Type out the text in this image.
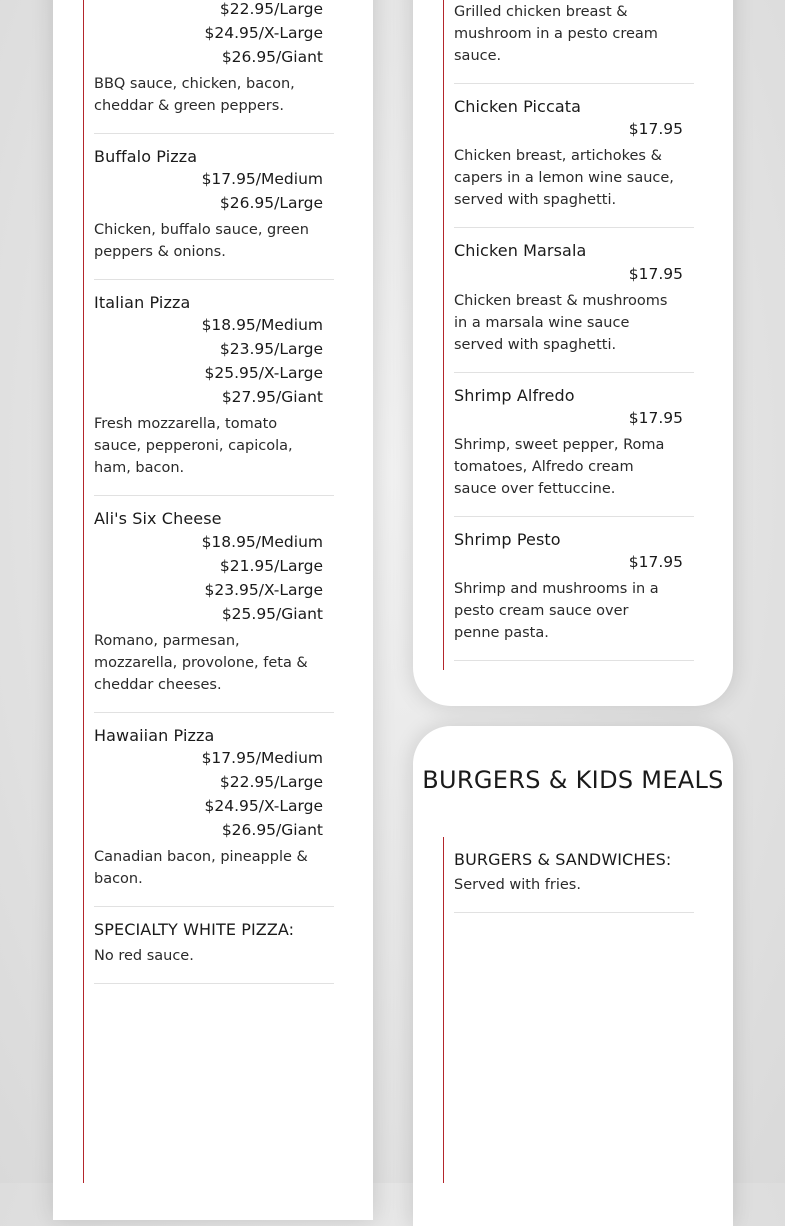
$22.95/Large
$24.95/X-Large
$26.95/Giant
BBQ sauce, chicken, bacon, cheddar & green peppers.
Buffalo Pizza
$17.95/Medium
$26.95/Large
Chicken, buffalo sauce, green peppers & onions.
Italian Pizza
$18.95/Medium
$23.95/Large
$25.95/X-Large
$27.95/Giant
Fresh mozzarella, tomato sauce, pepperoni, capicola, ham, bacon.
Ali's Six Cheese
$18.95/Medium
$21.95/Large
$23.95/X-Large
$25.95/Giant
Romano, parmesan, mozzarella, provolone, feta & cheddar cheeses.
Hawaiian Pizza
$17.95/Medium
$22.95/Large
$24.95/X-Large
$26.95/Giant
Canadian bacon, pineapple & bacon.
SPECIALTY WHITE PIZZA:
No red sauce.
Grilled chicken breast & mushroom in a pesto cream sauce.
Chicken Piccata
$17.95
Chicken breast, artichokes & capers in a lemon wine sauce, served with spaghetti.
Chicken Marsala
$17.95
Chicken breast & mushrooms in a marsala wine sauce served with spaghetti.
Shrimp Alfredo
$17.95
Shrimp, sweet pepper, Roma tomatoes, Alfredo cream sauce over fettuccine.
Shrimp Pesto
$17.95
Shrimp and mushrooms in a pesto cream sauce over penne pasta.
BURGERS & KIDS MEALS
BURGERS & SANDWICHES:
Served with fries.
